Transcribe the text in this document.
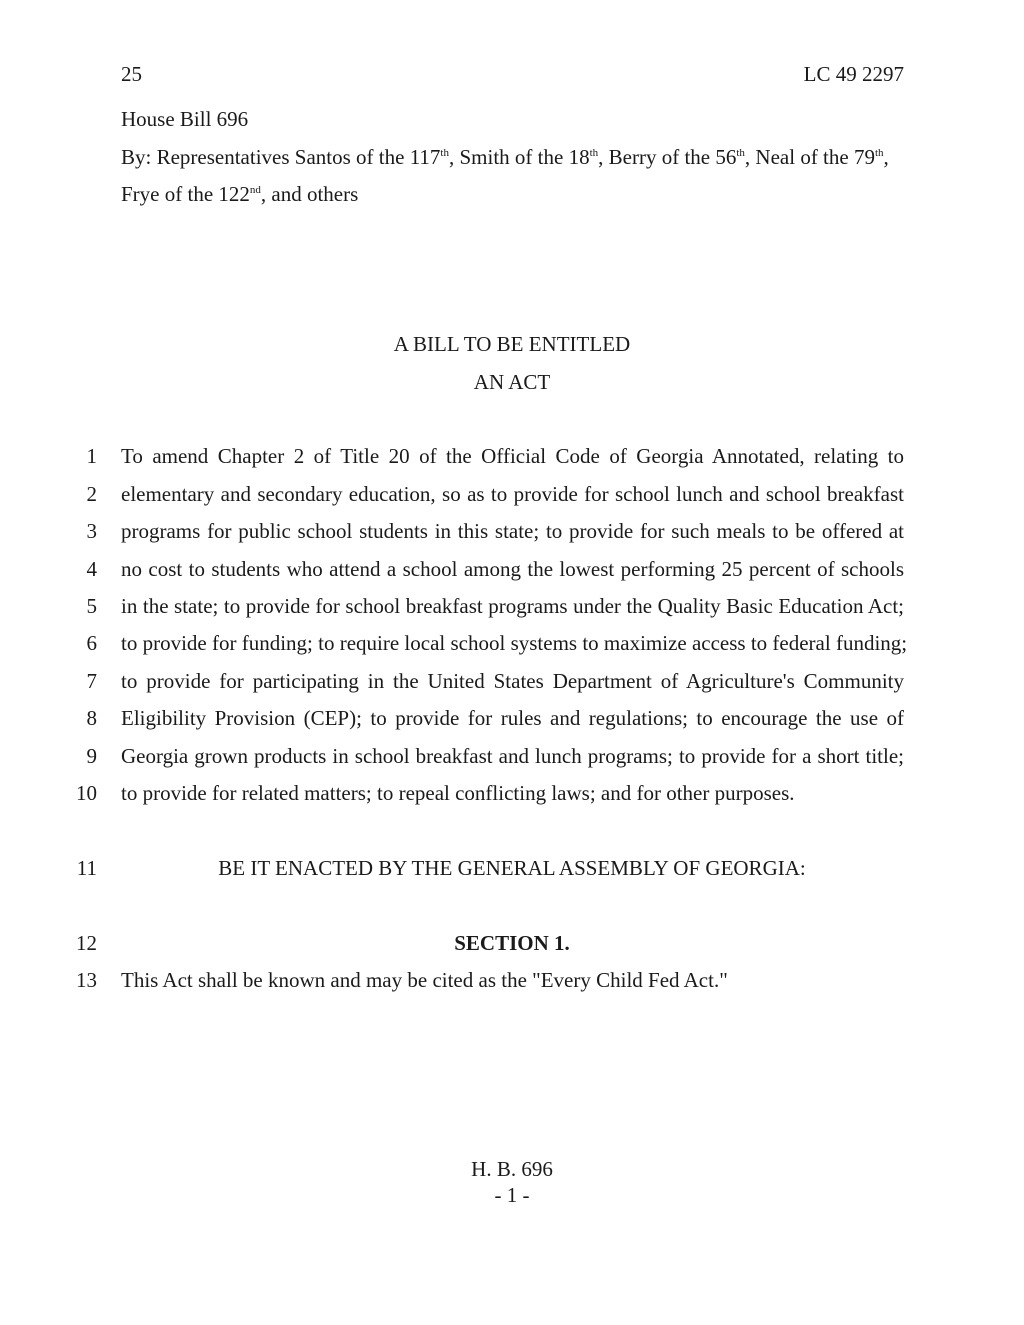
25	LC 49 2297
House Bill 696
By: Representatives Santos of the 117th, Smith of the 18th, Berry of the 56th, Neal of the 79th,
Frye of the 122nd, and others
A BILL TO BE ENTITLED
AN ACT
1 To amend Chapter 2 of Title 20 of the Official Code of Georgia Annotated, relating to
2 elementary and secondary education, so as to provide for school lunch and school breakfast
3 programs for public school students in this state; to provide for such meals to be offered at
4 no cost to students who attend a school among the lowest performing 25 percent of schools
5 in the state; to provide for school breakfast programs under the Quality Basic Education Act;
6 to provide for funding; to require local school systems to maximize access to federal funding;
7 to provide for participating in the United States Department of Agriculture's Community
8 Eligibility Provision (CEP); to provide for rules and regulations; to encourage the use of
9 Georgia grown products in school breakfast and lunch programs; to provide for a short title;
10 to provide for related matters; to repeal conflicting laws; and for other purposes.
11	BE IT ENACTED BY THE GENERAL ASSEMBLY OF GEORGIA:
12	SECTION 1.
13 This Act shall be known and may be cited as the "Every Child Fed Act."
H. B. 696
- 1 -
